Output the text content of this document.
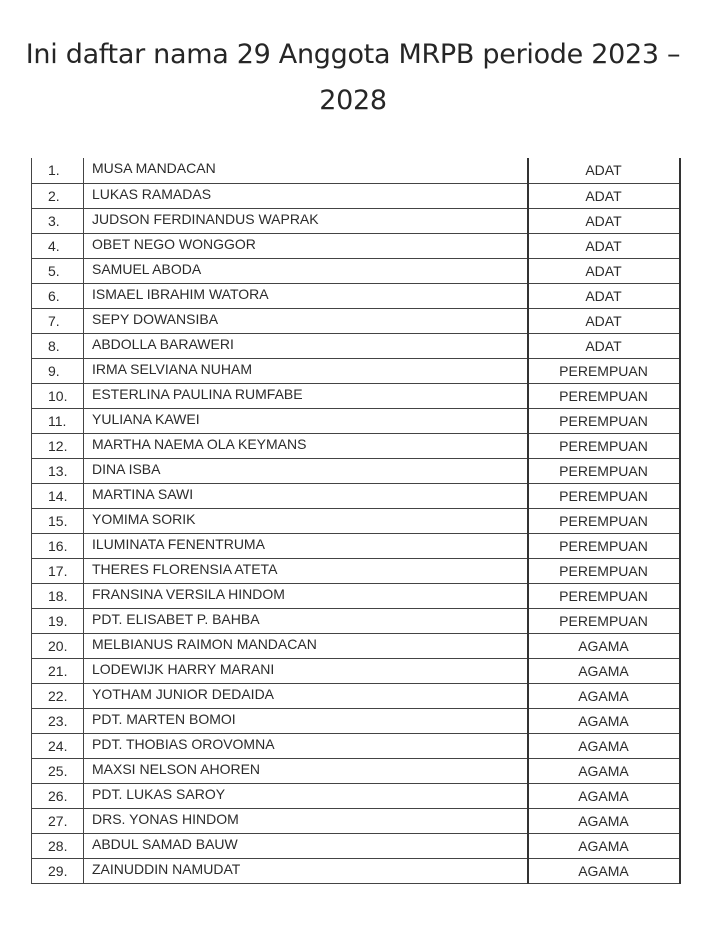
Ini daftar nama 29 Anggota MRPB periode 2023 – 2028
1.	MUSA MANDACAN	ADAT
2.	LUKAS RAMADAS	ADAT
3.	JUDSON FERDINANDUS WAPRAK	ADAT
4.	OBET NEGO WONGGOR	ADAT
5.	SAMUEL ABODA	ADAT
6.	ISMAEL IBRAHIM WATORA	ADAT
7.	SEPY DOWANSIBA	ADAT
8.	ABDOLLA BARAWERI	ADAT
9.	IRMA SELVIANA NUHAM	PEREMPUAN
10.	ESTERLINA PAULINA RUMFABE	PEREMPUAN
11.	YULIANA KAWEI	PEREMPUAN
12.	MARTHA NAEMA OLA KEYMANS	PEREMPUAN
13.	DINA ISBA	PEREMPUAN
14.	MARTINA SAWI	PEREMPUAN
15.	YOMIMA SORIK	PEREMPUAN
16.	ILUMINATA FENENTRUMA	PEREMPUAN
17.	THERES FLORENSIA ATETA	PEREMPUAN
18.	FRANSINA VERSILA HINDOM	PEREMPUAN
19.	PDT. ELISABET P. BAHBA	PEREMPUAN
20.	MELBIANUS RAIMON MANDACAN	AGAMA
21.	LODEWIJK HARRY MARANI	AGAMA
22.	YOTHAM JUNIOR DEDAIDA	AGAMA
23.	PDT. MARTEN BOMOI	AGAMA
24.	PDT. THOBIAS OROVOMNA	AGAMA
25.	MAXSI NELSON AHOREN	AGAMA
26.	PDT. LUKAS SAROY	AGAMA
27.	DRS. YONAS HINDOM	AGAMA
28.	ABDUL SAMAD BAUW	AGAMA
29.	ZAINUDDIN NAMUDAT	AGAMA
